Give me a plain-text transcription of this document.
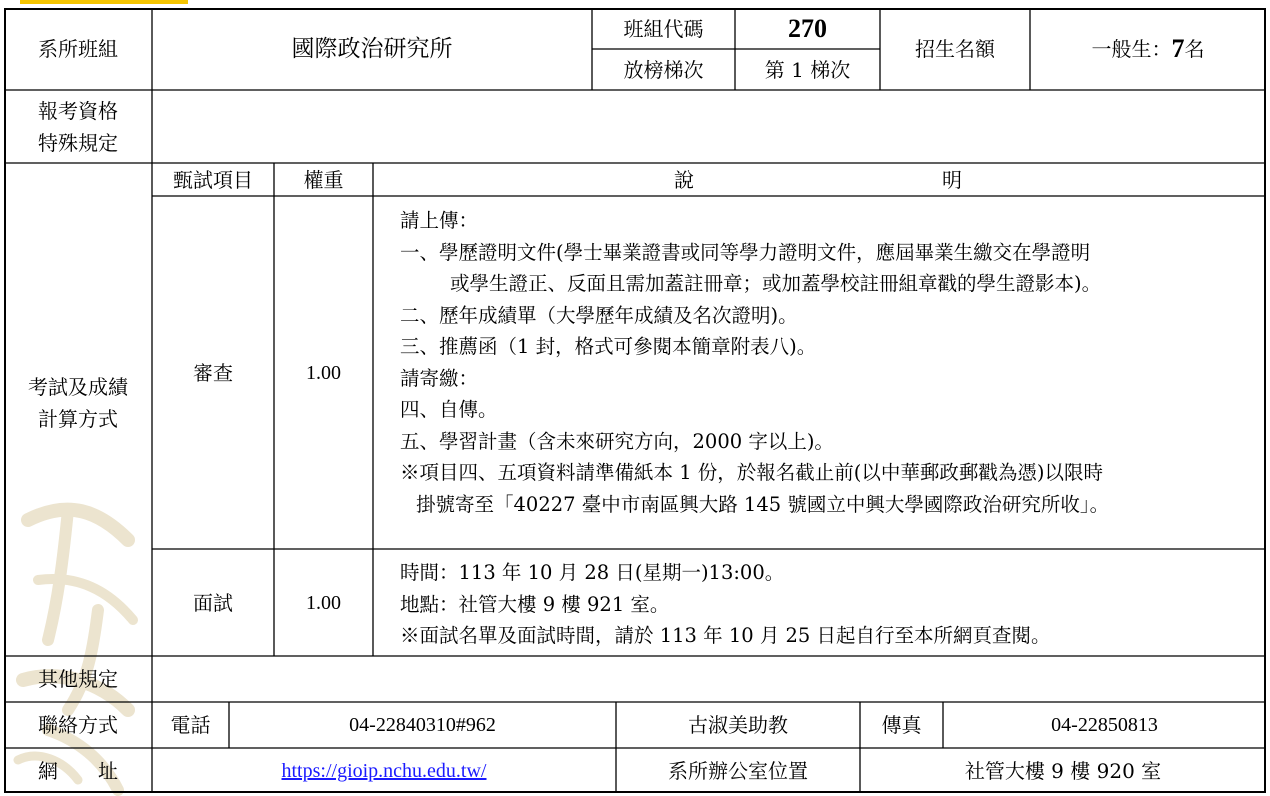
系所班組	國際政治研究所
班組代碼	270
放榜梯次	第 1 梯次
招生名額	一般生： 7 名
報考資格
特殊規定
考試及成績
計算方式
甄試項目	權重	說	明
審查	1.00
請上傳：
一、學歷證明文件(學士畢業證書或同等學力證明文件，應屆畢業生繳交在學證明
或學生證正、反面且需加蓋註冊章；或加蓋學校註冊組章戳的學生證影本)。
二、歷年成績單（大學歷年成績及名次證明)。
三、推薦函（1 封，格式可參閱本簡章附表八)。
請寄繳：
四、自傳。
五、學習計畫（含未來研究方向，2000 字以上)。
※項目四、五項資料請準備紙本 1 份，於報名截止前(以中華郵政郵戳為憑)以限時
掛號寄至「40227 臺中市南區興大路 145 號國立中興大學國際政治研究所收」。
面試	1.00
時間：113 年 10 月 28 日(星期一)13:00。
地點：社管大樓 9 樓 921 室。
※面試名單及面試時間，請於 113 年 10 月 25 日起自行至本所網頁查閱。
其他規定
聯絡方式	電話	04-22840310#962	古淑美助教	傳真	04-22850813
網　　址	https://gioip.nchu.edu.tw/	系所辦公室位置	社管大樓 9 樓 920 室
